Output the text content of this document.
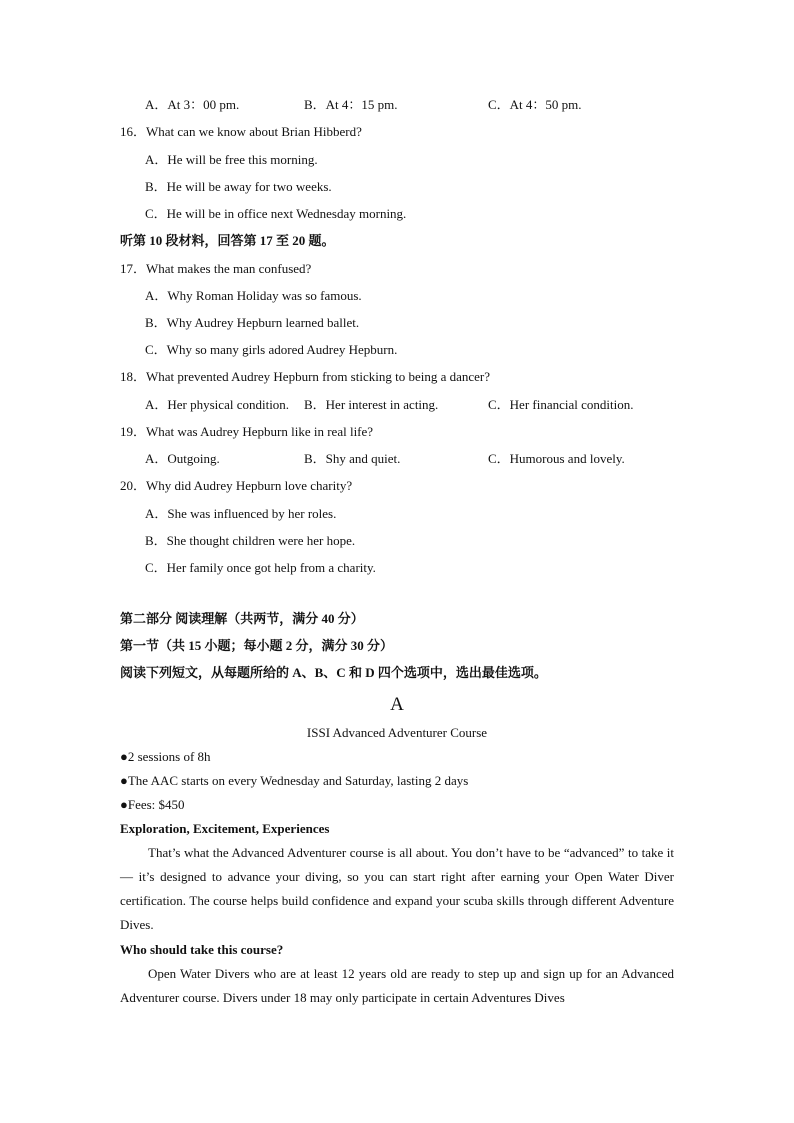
A．At 3：00 pm.	B．At 4：15 pm.	C．At 4：50 pm.
16．What can we know about Brian Hibberd?
A．He will be free this morning.
B．He will be away for two weeks.
C．He will be in office next Wednesday morning.
听第 10 段材料，回答第 17 至 20 题。
17．What makes the man confused?
A．Why Roman Holiday was so famous.
B．Why Audrey Hepburn learned ballet.
C．Why so many girls adored Audrey Hepburn.
18．What prevented Audrey Hepburn from sticking to being a dancer?
A．Her physical condition. B．Her interest in acting.	C．Her financial condition.
19．What was Audrey Hepburn like in real life?
A．Outgoing.	B．Shy and quiet.	C．Humorous and lovely.
20．Why did Audrey Hepburn love charity?
A．She was influenced by her roles.
B．She thought children were her hope.
C．Her family once got help from a charity.
第二部分 阅读理解（共两节，满分 40 分）
第一节（共 15 小题；每小题 2 分，满分 30 分）
阅读下列短文，从每题所给的 A、B、C 和 D 四个选项中，选出最佳选项。
A
ISSI Advanced Adventurer Course
●2 sessions of 8h
●The AAC starts on every Wednesday and Saturday, lasting 2 days
●Fees: $450
Exploration, Excitement, Experiences
That’s what the Advanced Adventurer course is all about. You don’t have to be “advanced” to take it — it’s designed to advance your diving, so you can start right after earning your Open Water Diver certification. The course helps build confidence and expand your scuba skills through different Adventure Dives.
Who should take this course?
Open Water Divers who are at least 12 years old are ready to step up and sign up for an Advanced Adventurer course. Divers under 18 may only participate in certain Adventures Dives
